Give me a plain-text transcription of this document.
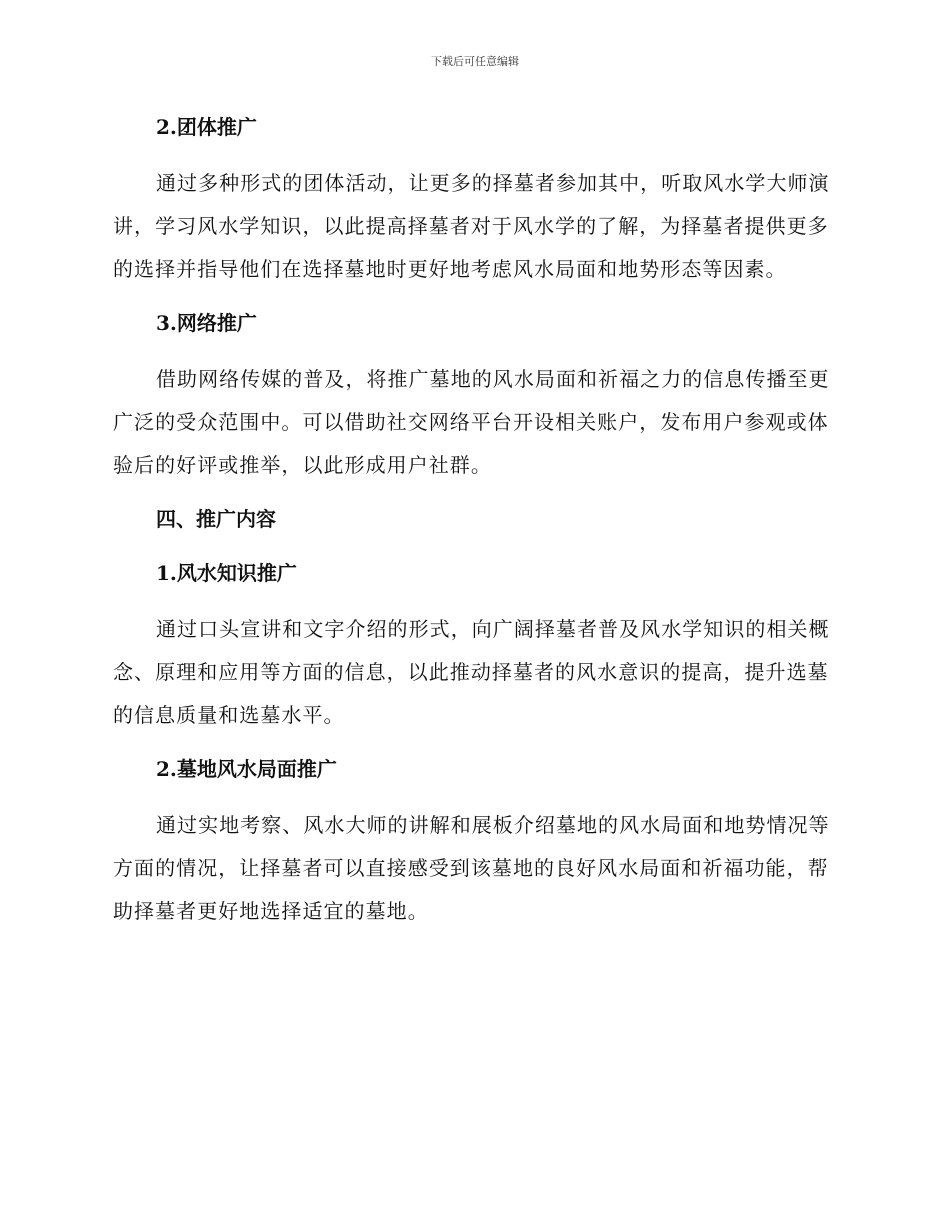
下载后可任意编辑
2.团体推广

通过多种形式的团体活动，让更多的择墓者参加其中，听取风水学大师演讲，学习风水学知识，以此提高择墓者对于风水学的了解，为择墓者提供更多的选择并指导他们在选择墓地时更好地考虑风水局面和地势形态等因素。

3.网络推广

借助网络传媒的普及，将推广墓地的风水局面和祈福之力的信息传播至更广泛的受众范围中。可以借助社交网络平台开设相关账户，发布用户参观或体验后的好评或推举，以此形成用户社群。

四、推广内容
1.风水知识推广

通过口头宣讲和文字介绍的形式，向广阔择墓者普及风水学知识的相关概念、原理和应用等方面的信息，以此推动择墓者的风水意识的提高，提升选墓的信息质量和选墓水平。

2.墓地风水局面推广

通过实地考察、风水大师的讲解和展板介绍墓地的风水局面和地势情况等方面的情况，让择墓者可以直接感受到该墓地的良好风水局面和祈福功能，帮助择墓者更好地选择适宜的墓地。
